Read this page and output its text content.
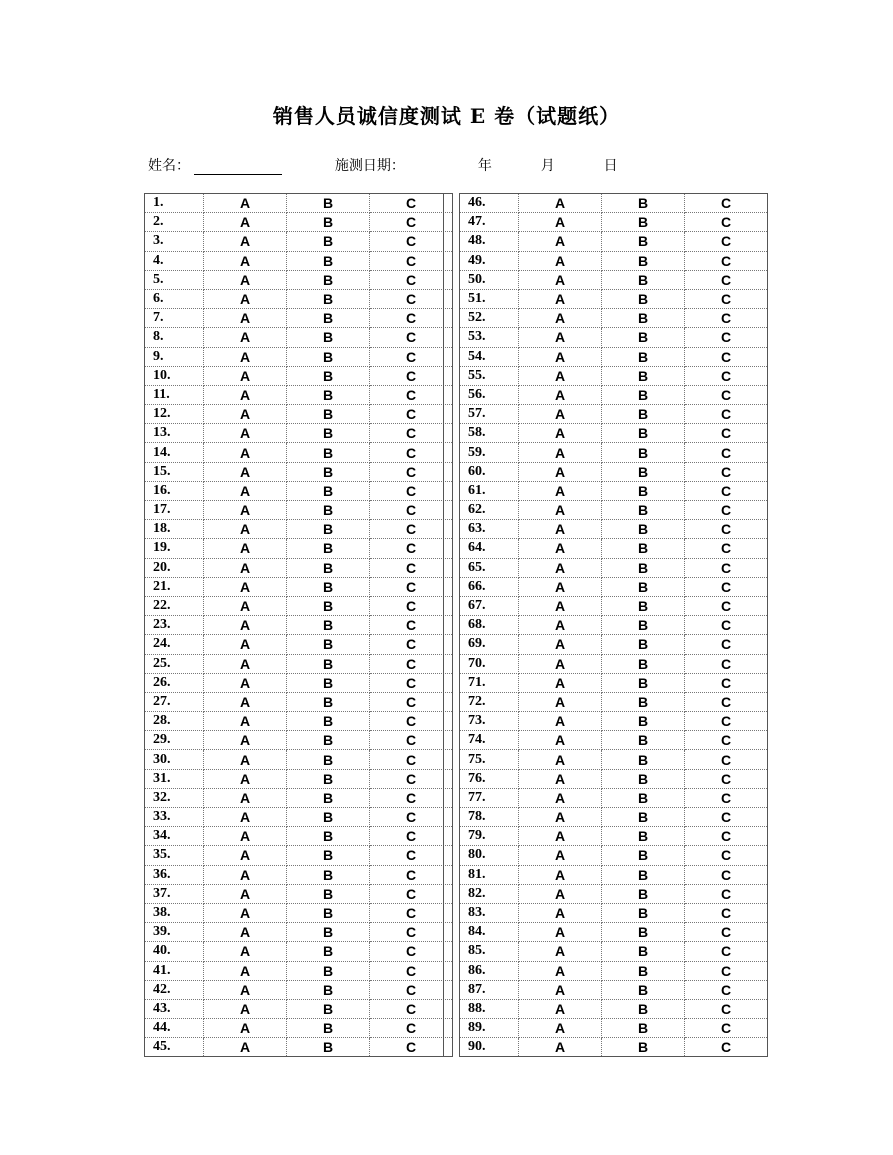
销售人员诚信度测试 E 卷（试题纸）
姓名：	施测日期：	年	月	日
1.	A	B	C
2.	A	B	C
3.	A	B	C
4.	A	B	C
5.	A	B	C
6.	A	B	C
7.	A	B	C
8.	A	B	C
9.	A	B	C
10.	A	B	C
11.	A	B	C
12.	A	B	C
13.	A	B	C
14.	A	B	C
15.	A	B	C
16.	A	B	C
17.	A	B	C
18.	A	B	C
19.	A	B	C
20.	A	B	C
21.	A	B	C
22.	A	B	C
23.	A	B	C
24.	A	B	C
25.	A	B	C
26.	A	B	C
27.	A	B	C
28.	A	B	C
29.	A	B	C
30.	A	B	C
31.	A	B	C
32.	A	B	C
33.	A	B	C
34.	A	B	C
35.	A	B	C
36.	A	B	C
37.	A	B	C
38.	A	B	C
39.	A	B	C
40.	A	B	C
41.	A	B	C
42.	A	B	C
43.	A	B	C
44.	A	B	C
45.	A	B	C
46.	A	B	C
47.	A	B	C
48.	A	B	C
49.	A	B	C
50.	A	B	C
51.	A	B	C
52.	A	B	C
53.	A	B	C
54.	A	B	C
55.	A	B	C
56.	A	B	C
57.	A	B	C
58.	A	B	C
59.	A	B	C
60.	A	B	C
61.	A	B	C
62.	A	B	C
63.	A	B	C
64.	A	B	C
65.	A	B	C
66.	A	B	C
67.	A	B	C
68.	A	B	C
69.	A	B	C
70.	A	B	C
71.	A	B	C
72.	A	B	C
73.	A	B	C
74.	A	B	C
75.	A	B	C
76.	A	B	C
77.	A	B	C
78.	A	B	C
79.	A	B	C
80.	A	B	C
81.	A	B	C
82.	A	B	C
83.	A	B	C
84.	A	B	C
85.	A	B	C
86.	A	B	C
87.	A	B	C
88.	A	B	C
89.	A	B	C
90.	A	B	C
